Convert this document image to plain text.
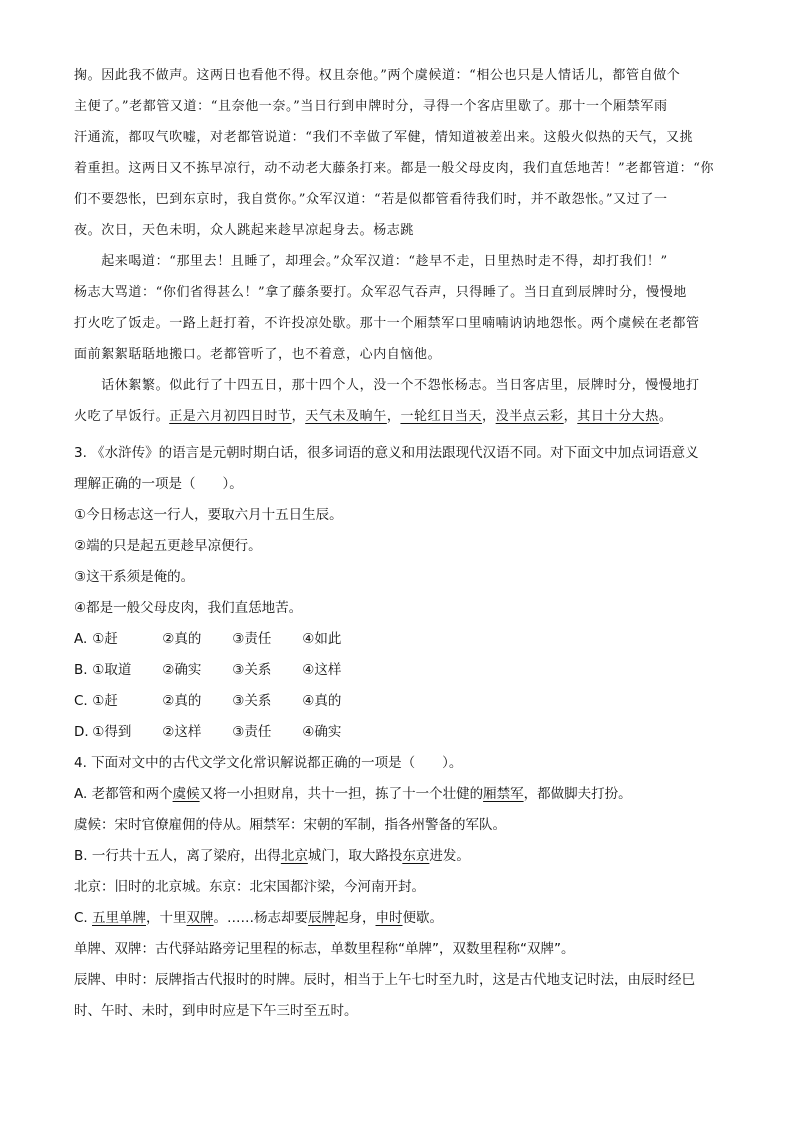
掬。因此我不做声。这两日也看他不得。权且奈他。”两个虞候道：“相公也只是人情话儿，都管自做个
主便了。”老都管又道：“且奈他一奈。”当日行到申牌时分，寻得一个客店里歇了。那十一个厢禁军雨
汗通流，都叹气吹嘘，对老都管说道：“我们不幸做了军健，情知道被差出来。这般火似热的天气，又挑
着重担。这两日又不拣早凉行，动不动老大藤条打来。都是一般父母皮肉，我们直恁地苦！”老都管道：“你
们不要怨怅，巴到东京时，我自赏你。”众军汉道：“若是似都管看待我们时，并不敢怨怅。”又过了一
夜。次日，天色未明，众人跳起来趁早凉起身去。杨志跳
　　起来喝道：“那里去！且睡了，却理会。”众军汉道：“趁早不走，日里热时走不得，却打我们！”
杨志大骂道：“你们省得甚么！”拿了藤条要打。众军忍气吞声，只得睡了。当日直到辰牌时分，慢慢地
打火吃了饭走。一路上赶打着，不许投凉处歇。那十一个厢禁军口里喃喃讷讷地怨怅。两个虞候在老都管
面前絮絮聒聒地搬口。老都管听了，也不着意，心内自恼他。
　　话休絮繁。似此行了十四五日，那十四个人，没一个不怨怅杨志。当日客店里，辰牌时分，慢慢地打
火吃了早饭行。正是六月初四日时节，天气未及晌午，一轮红日当天，没半点云彩，其日十分大热。
3. 《水浒传》的语言是元朝时期白话，很多词语的意义和用法跟现代汉语不同。对下面文中加点词语意义
理解正确的一项是（　　）。
①今日杨志这一行人，要取六月十五日生辰。
②端的只是起五更趁早凉便行。
③这干系须是俺的。
④都是一般父母皮肉，我们直恁地苦。
A. ①赶	②真的 ③责任 ④如此
B. ①取道 ②确实 ③关系 ④这样
C. ①赶	②真的 ③关系 ④真的
D. ①得到 ②这样 ③责任 ④确实
4. 下面对文中的古代文学文化常识解说都正确的一项是（　　）。
A. 老都管和两个虞候又将一小担财帛，共十一担，拣了十一个壮健的厢禁军，都做脚夫打扮。
虞候：宋时官僚雇佣的侍从。厢禁军：宋朝的军制，指各州警备的军队。
B. 一行共十五人，离了梁府，出得北京城门，取大路投东京进发。
北京：旧时的北京城。东京：北宋国都汴梁，今河南开封。
C. 五里单牌，十里双牌。……杨志却要辰牌起身，申时便歇。
单牌、双牌：古代驿站路旁记里程的标志，单数里程称“单牌”，双数里程称“双牌”。
辰牌、申时：辰牌指古代报时的时牌。辰时，相当于上午七时至九时，这是古代地支记时法，由辰时经巳
时、午时、未时，到申时应是下午三时至五时。
